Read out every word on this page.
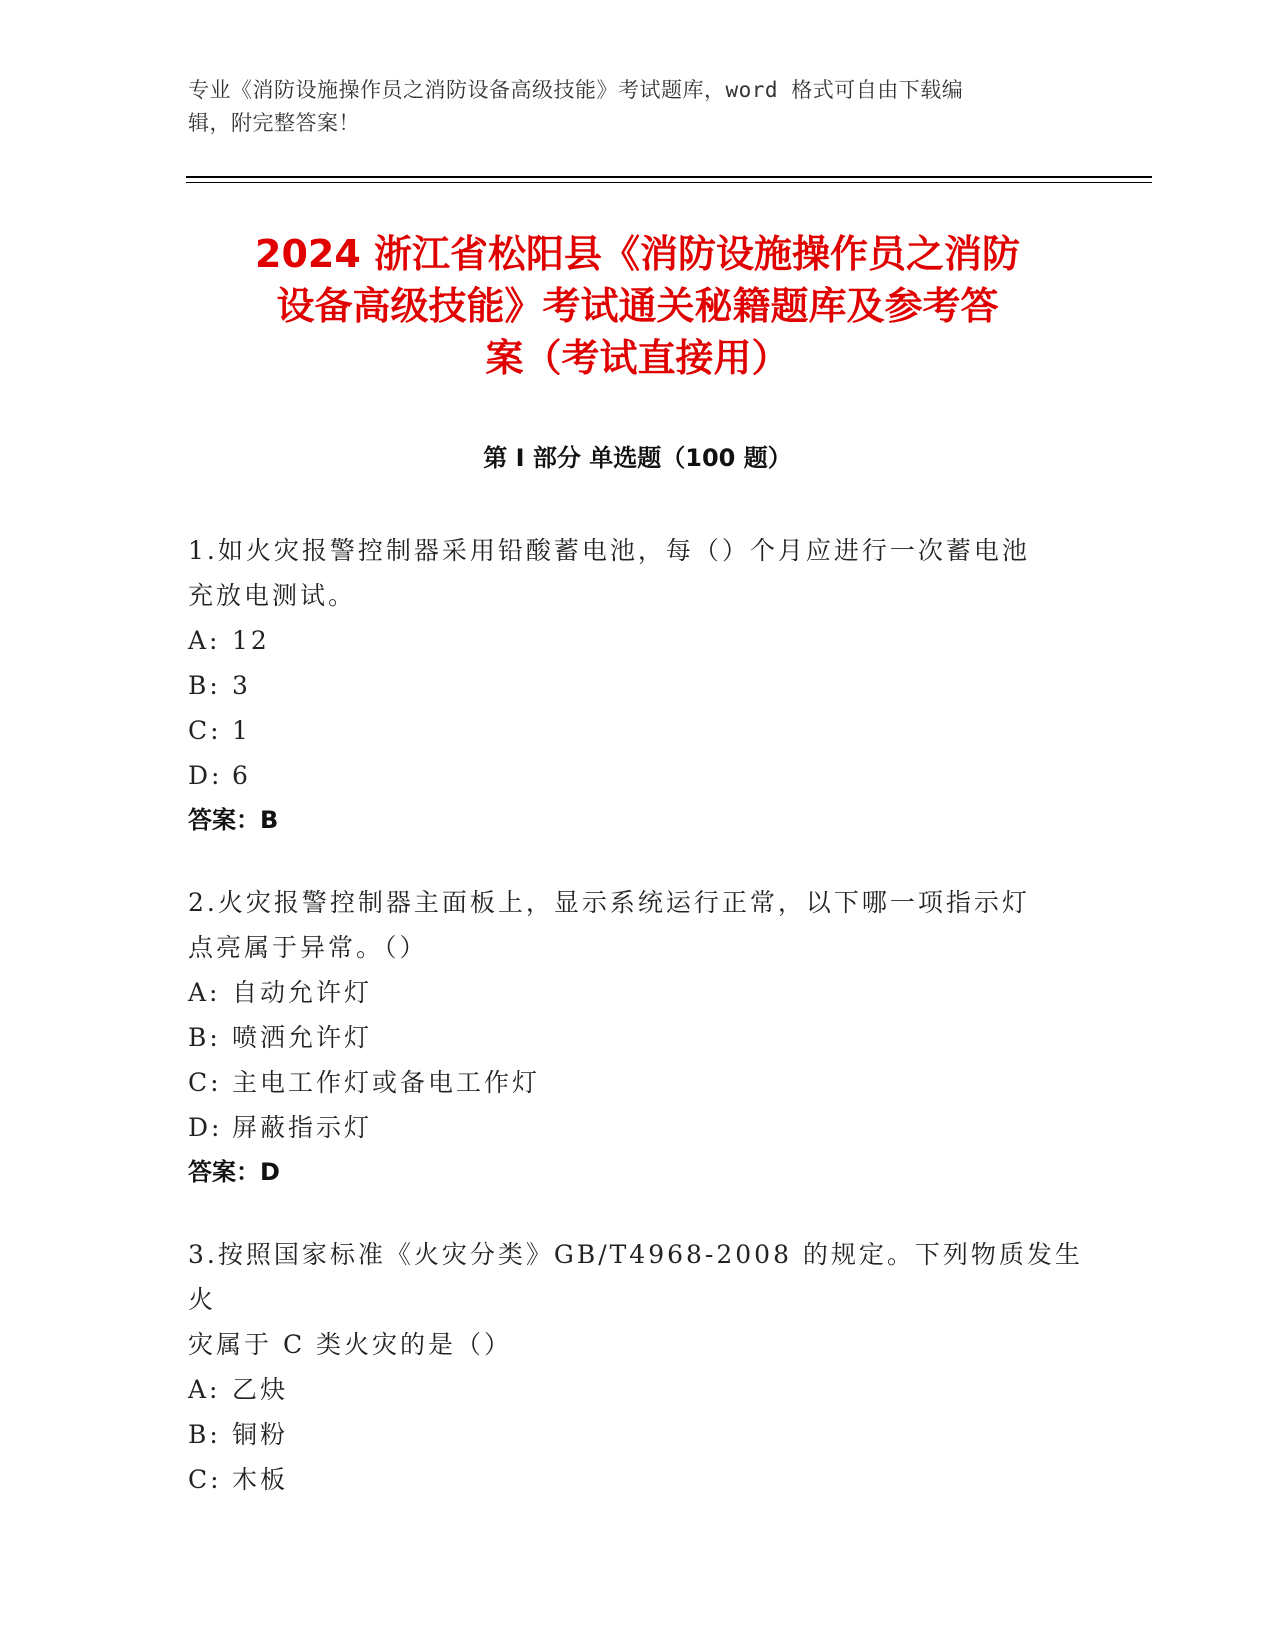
专业《消防设施操作员之消防设备高级技能》考试题库，word 格式可自由下载编
辑，附完整答案！
2024 浙江省松阳县《消防设施操作员之消防
设备高级技能》考试通关秘籍题库及参考答
案（考试直接用）
第 I 部分 单选题（100 题）
1.如火灾报警控制器采用铅酸蓄电池，每（）个月应进行一次蓄电池
充放电测试。
A: 12
B: 3
C: 1
D: 6
答案：B
2.火灾报警控制器主面板上，显示系统运行正常，以下哪一项指示灯
点亮属于异常。（）
A: 自动允许灯
B: 喷洒允许灯
C: 主电工作灯或备电工作灯
D: 屏蔽指示灯
答案：D
3.按照国家标准《火灾分类》GB/T4968-2008 的规定。下列物质发生火
灾属于 C 类火灾的是（）
A: 乙炔
B: 铜粉
C: 木板
